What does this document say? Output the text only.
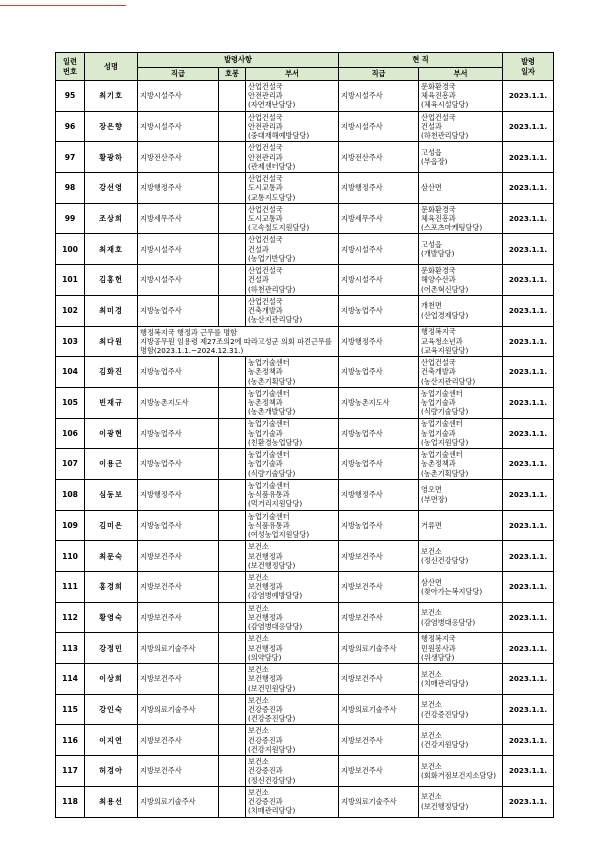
일련
번호	성명	발령사항			현 직		발령
일자
		직급	호봉	부서	직급	부서	
95	최기호	지방시설주사		산업건설국
안전관리과
(자연재난담당)	지방시설주사	문화환경국
체육진흥과
(체육시설담당)	2023.1.1.
96	장은향	지방시설주사		산업건설국
안전관리과
(중대재해예방담당)	지방시설주사	산업건설국
건설과
(하천관리담당)	2023.1.1.
97	황광하	지방전산주사		산업건설국
안전관리과
(관제센터담당)	지방전산주사	고성읍
(부읍장)	2023.1.1.
98	강선영	지방행정주사		산업건설국
도시교통과
(교통지도담당)	지방행정주사	삼산면	2023.1.1.
99	조상희	지방세무주사		산업건설국
도시교통과
(고속철도지원담당)	지방세무주사	문화환경국
체육진흥과
(스포츠마케팅담당)	2023.1.1.
100	최재호	지방시설주사		산업건설국
건설과
(농업기반담당)	지방시설주사	고성읍
(개발담당)	2023.1.1.
101	김홍헌	지방시설주사		산업건설국
건설과
(하천관리담당)	지방시설주사	문화환경국
해양수산과
(어촌혁신담당)	2023.1.1.
102	최미경	지방농업주사		산업건설국
건축개발과
(농산지관리담당)	지방농업주사	개천면
(산업경제담당)	2023.1.1.
103	최다원	행정복지국 행정과 근무를 명함
지방공무원 임용령 제27조의2에 따라고성군 의회 파견근무를 명함(2023.1.1.~2024.12.31.)			지방행정주사	행정복지국
교육청소년과
(교육지원담당)	2023.1.1.
104	김화진	지방농업주사		농업기술센터
농촌정책과
(농촌기획담당)	지방농업주사	산업건설국
건축개발과
(농산지관리담당)	2023.1.1.
105	빈재규	지방농촌지도사		농업기술센터
농촌정책과
(농촌개발담당)	지방농촌지도사	농업기술센터
농업기술과
(식량기술담당)	2023.1.1.
106	이광현	지방농업주사		농업기술센터
농업기술과
(친환경농업담당)	지방농업주사	농업기술센터
농업기술과
(농업지원담당)	2023.1.1.
107	이용근	지방농업주사		농업기술센터
농업기술과
(식량기술담당)	지방농업주사	농업기술센터
농촌정책과
(농촌기획담당)	2023.1.1.
108	심동보	지방행정주사		농업기술센터
농식품유통과
(먹거리지원담당)	지방행정주사	영오면
(부면장)	2023.1.1.
109	김미은	지방농업주사		농업기술센터
농식품유통과
(여성농업지원담당)	지방농업주사	거류면	2023.1.1.
110	최문숙	지방보건주사		보건소
보건행정과
(보건행정담당)	지방보건주사	보건소
(정신건강담당)	2023.1.1.
111	홍경희	지방보건주사		보건소
보건행정과
(감염병예방담당)	지방보건주사	삼산면
(찾아가는복지담당)	2023.1.1.
112	황영숙	지방보건주사		보건소
보건행정과
(감염병대응담당)	지방보건주사	보건소
(감염병대응담당)	2023.1.1.
113	강정민	지방의료기술주사		보건소
보건행정과
(의약담당)	지방의료기술주사	행정복지국
민원봉사과
(위생담당)	2023.1.1.
114	이상희	지방보건주사		보건소
보건행정과
(보건민원담당)	지방보건주사	보건소
(치매관리담당)	2023.1.1.
115	강인숙	지방의료기술주사		보건소
건강증진과
(건강증진담당)	지방의료기술주사	보건소
(건강증진담당)	2023.1.1.
116	이지연	지방보건주사		보건소
건강증진과
(건강지원담당)	지방보건주사	보건소
(건강지원담당)	2023.1.1.
117	허경아	지방보건주사		보건소
건강증진과
(정신건강담당)	지방보건주사	보건소
(회화거점보건지소담당)	2023.1.1.
118	최용선	지방의료기술주사		보건소
건강증진과
(치매관리담당)	지방의료기술주사	보건소
(보건행정담당)	2023.1.1.
